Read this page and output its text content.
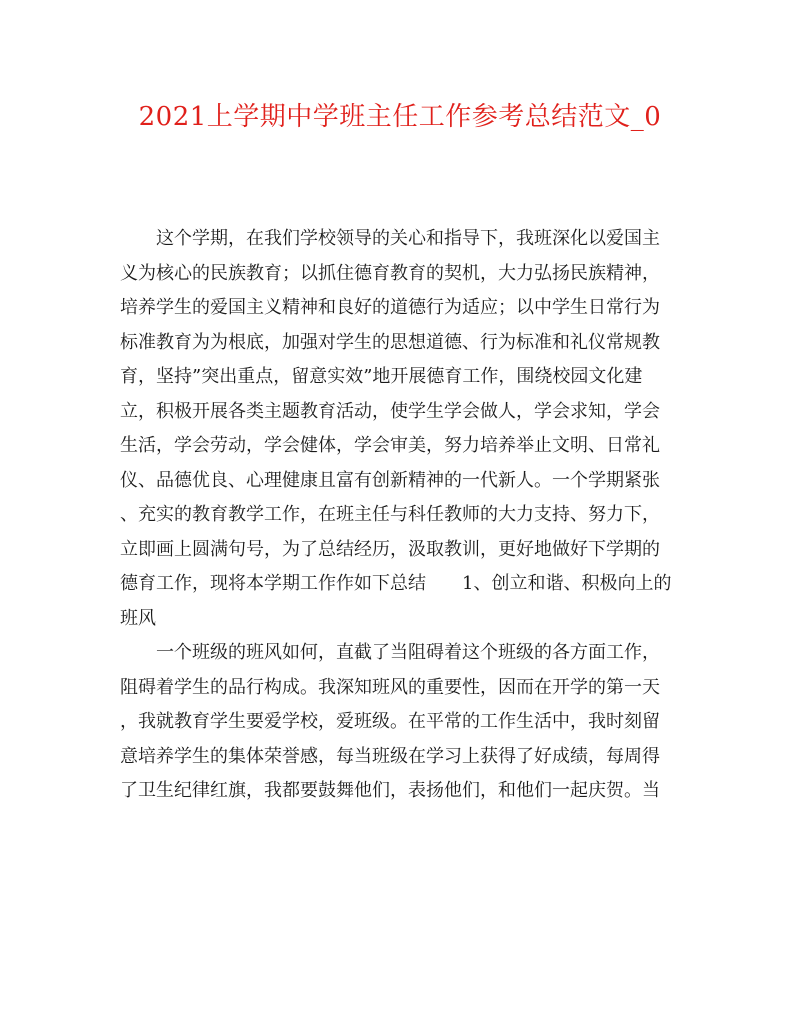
2021上学期中学班主任工作参考总结范文_0
这个学期，在我们学校领导的关心和指导下，我班深化以爱国主
义为核心的民族教育；以抓住德育教育的契机，大力弘扬民族精神，
培养学生的爱国主义精神和良好的道德行为适应；以中学生日常行为
标准教育为为根底，加强对学生的思想道德、行为标准和礼仪常规教
育，坚持”突出重点，留意实效”地开展德育工作，围绕校园文化建
立，积极开展各类主题教育活动，使学生学会做人，学会求知，学会
生活，学会劳动，学会健体，学会审美，努力培养举止文明、日常礼
仪、品德优良、心理健康且富有创新精神的一代新人。一个学期紧张
、充实的教育教学工作，在班主任与科任教师的大力支持、努力下，
立即画上圆满句号，为了总结经历，汲取教训，更好地做好下学期的
德育工作，现将本学期工作作如下总结 1、创立和谐、积极向上的
班风
一个班级的班风如何，直截了当阻碍着这个班级的各方面工作，
阻碍着学生的品行构成。我深知班风的重要性，因而在开学的第一天
，我就教育学生要爱学校，爱班级。在平常的工作生活中，我时刻留
意培养学生的集体荣誉感，每当班级在学习上获得了好成绩，每周得
了卫生纪律红旗，我都要鼓舞他们，表扬他们，和他们一起庆贺。当
